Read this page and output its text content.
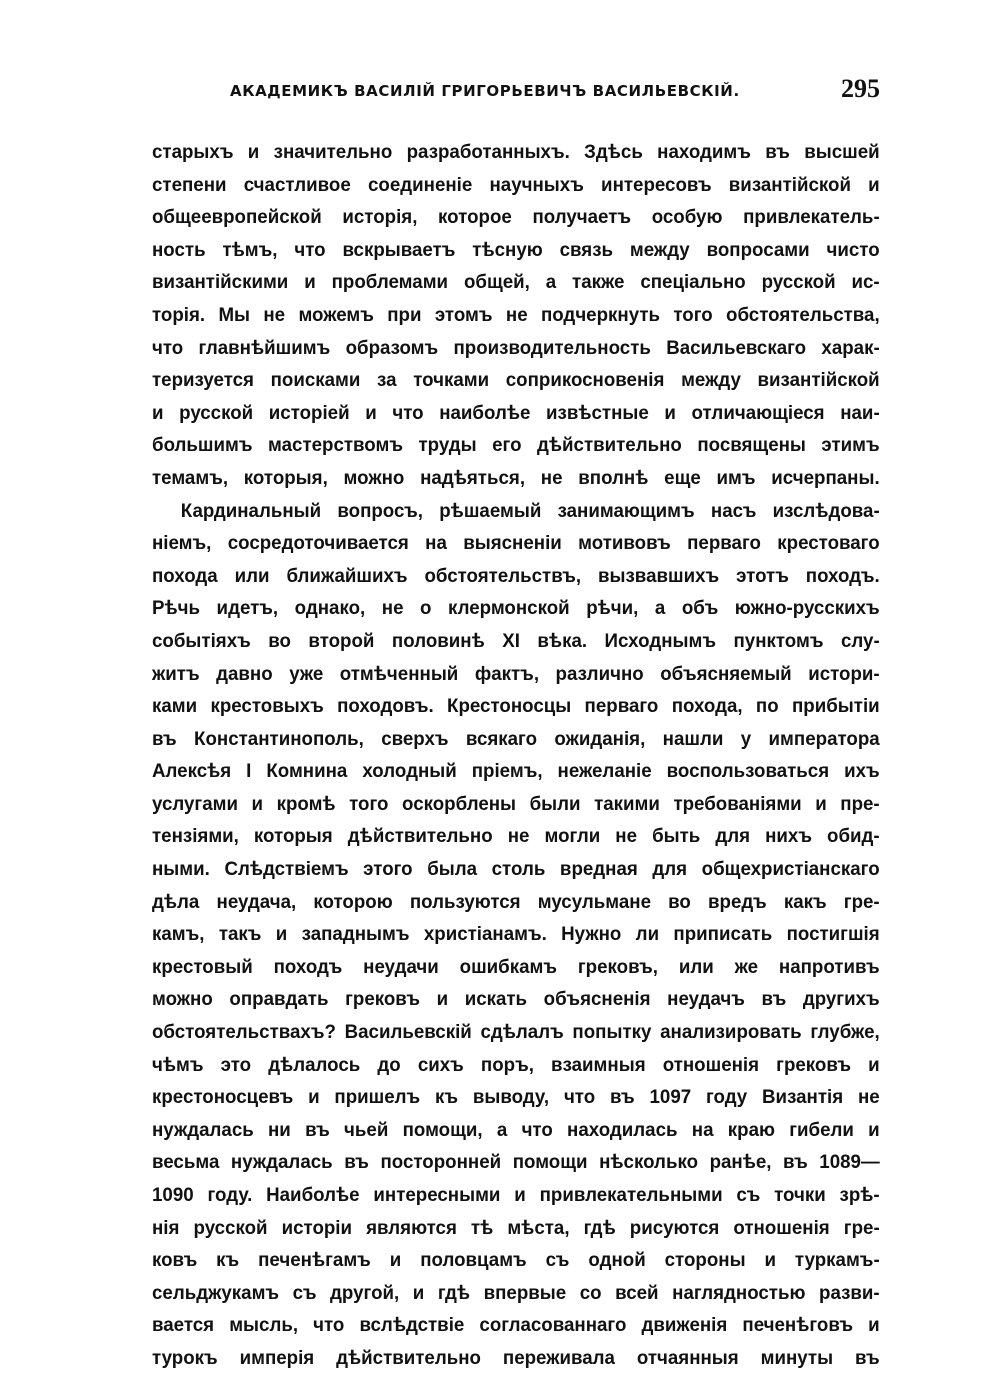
АКАДЕМИКЪ ВАСИЛІЙ ГРИГОРЬЕВИЧЪ ВАСИЛЬЕВСКІЙ.	295
старыхъ и значительно разработанныхъ. Здѣсь находимъ въ высшей
степени счастливое соединеніе научныхъ интересовъ византійской и
общеевропейской исторія, которое получаетъ особую привлекатель-
ность тѣмъ, что вскрываетъ тѣсную связь между вопросами чисто
византійскими и проблемами общей, а также спеціально русской ис-
торія. Мы не можемъ при этомъ не подчеркнуть того обстоятельства,
что главнѣйшимъ образомъ производительность Васильевскаго харак-
теризуется поисками за точками соприкосновенія между византійской
и русской исторіей и что наиболѣе извѣстные и отличающіеся наи-
большимъ мастерствомъ труды его дѣйствительно посвящены этимъ
темамъ, которыя, можно надѣяться, не вполнѣ еще имъ исчерпаны.
Кардинальный вопросъ, рѣшаемый занимающимъ насъ изслѣдова-
ніемъ, сосредоточивается на выясненіи мотивовъ перваго крестоваго
похода или ближайшихъ обстоятельствъ, вызвавшихъ этотъ походъ.
Рѣчь идетъ, однако, не о клермонской рѣчи, а объ южно-русскихъ
событіяхъ во второй половинѣ XI вѣка. Исходнымъ пунктомъ слу-
житъ давно уже отмѣченный фактъ, различно объясняемый истори-
ками крестовыхъ походовъ. Крестоносцы перваго похода, по прибытіи
въ Константинополь, сверхъ всякаго ожиданія, нашли у императора
Алексѣя I Комнина холодный пріемъ, нежеланіе воспользоваться ихъ
услугами и кромѣ того оскорблены были такими требованіями и пре-
тензіями, которыя дѣйствительно не могли не быть для нихъ обид-
ными. Слѣдствіемъ этого была столь вредная для общехристіанскаго
дѣла неудача, которою пользуются мусульмане во вредъ какъ гре-
камъ, такъ и западнымъ христіанамъ. Нужно ли приписать постигшія
крестовый походъ неудачи ошибкамъ грековъ, или же напротивъ
можно оправдать грековъ и искать объясненія неудачъ въ другихъ
обстоятельствахъ? Васильевскій сдѣлалъ попытку анализировать глубже,
чѣмъ это дѣлалось до сихъ поръ, взаимныя отношенія грековъ и
крестоносцевъ и пришелъ къ выводу, что въ 1097 году Византія не
нуждалась ни въ чьей помощи, а что находилась на краю гибели и
весьма нуждалась въ посторонней помощи нѣсколько ранѣе, въ 1089—
1090 году. Наиболѣе интересными и привлекательными съ точки зрѣ-
нія русской исторіи являются тѣ мѣста, гдѣ рисуются отношенія гре-
ковъ къ печенѣгамъ и половцамъ съ одной стороны и туркамъ-
сельджукамъ съ другой, и гдѣ впервые со всей наглядностью разви-
вается мысль, что вслѣдствіе согласованнаго движенія печенѣговъ и
турокъ имперія дѣйствительно переживала отчаянныя минуты въ
